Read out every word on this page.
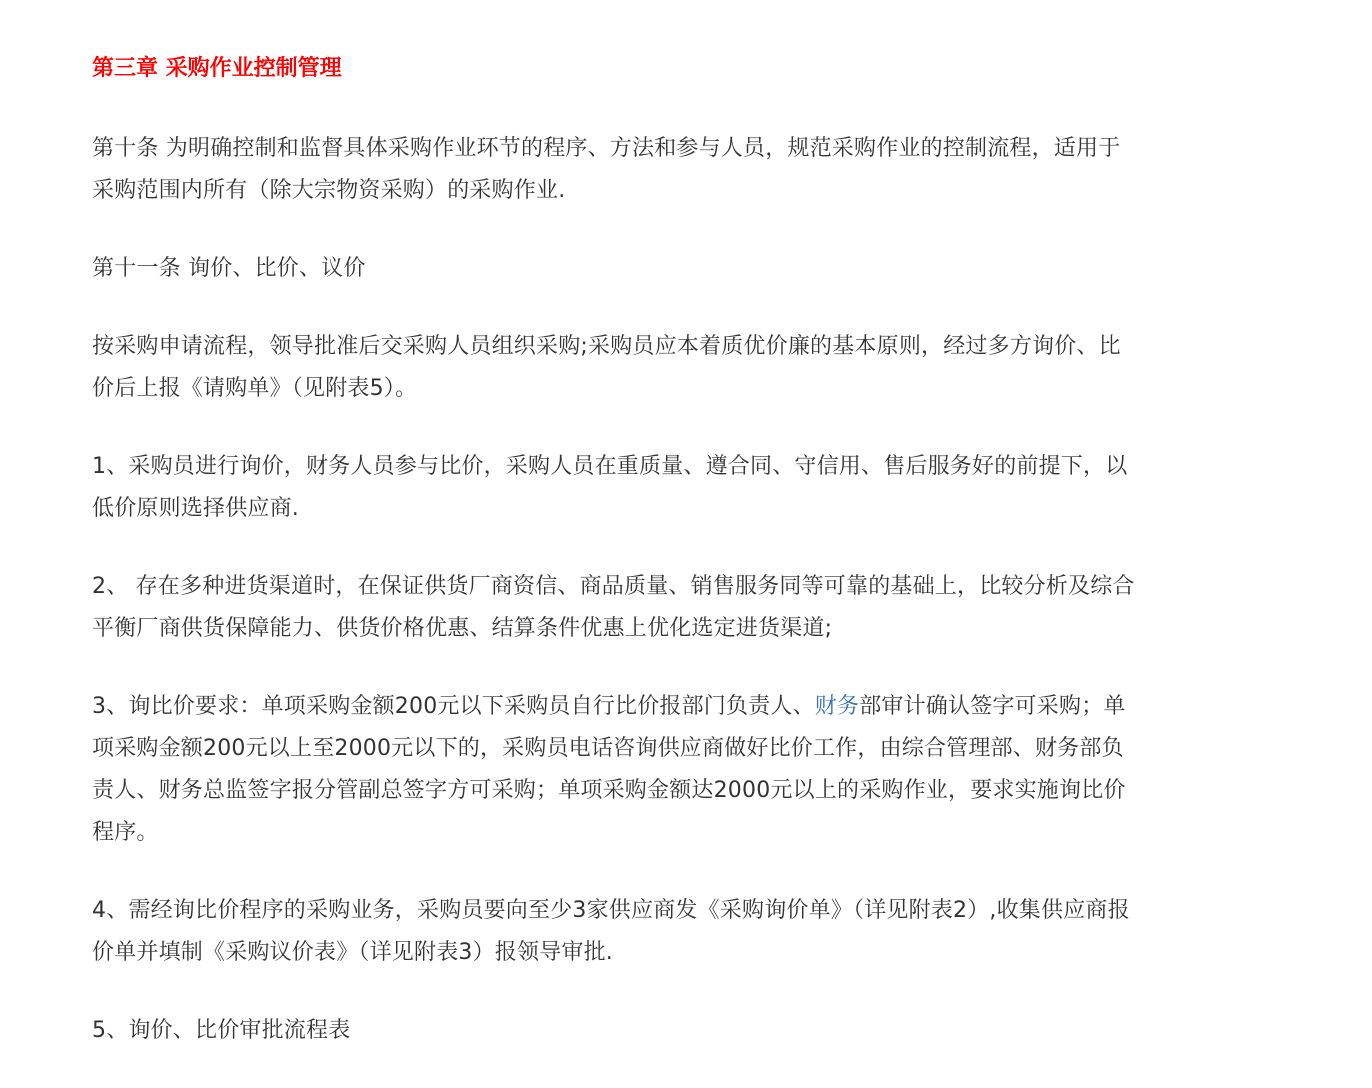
第三章 采购作业控制管理
第十条 为明确控制和监督具体采购作业环节的程序、方法和参与人员，规范采购作业的控制流程，适用于采购范围内所有（除大宗物资采购）的采购作业.
第十一条 询价、比价、议价
按采购申请流程，领导批准后交采购人员组织采购;采购员应本着质优价廉的基本原则，经过多方询价、比价后上报《请购单》（见附表5）。
1、采购员进行询价，财务人员参与比价，采购人员在重质量、遵合同、守信用、售后服务好的前提下，以低价原则选择供应商.
2、 存在多种进货渠道时，在保证供货厂商资信、商品质量、销售服务同等可靠的基础上，比较分析及综合平衡厂商供货保障能力、供货价格优惠、结算条件优惠上优化选定进货渠道;
3、询比价要求：单项采购金额200元以下采购员自行比价报部门负责人、财务部审计确认签字可采购；单项采购金额200元以上至2000元以下的，采购员电话咨询供应商做好比价工作，由综合管理部、财务部负责人、财务总监签字报分管副总签字方可采购；单项采购金额达2000元以上的采购作业，要求实施询比价程序。
4、需经询比价程序的采购业务，采购员要向至少3家供应商发《采购询价单》（详见附表2）,收集供应商报价单并填制《采购议价表》（详见附表3）报领导审批.
5、询价、比价审批流程表
